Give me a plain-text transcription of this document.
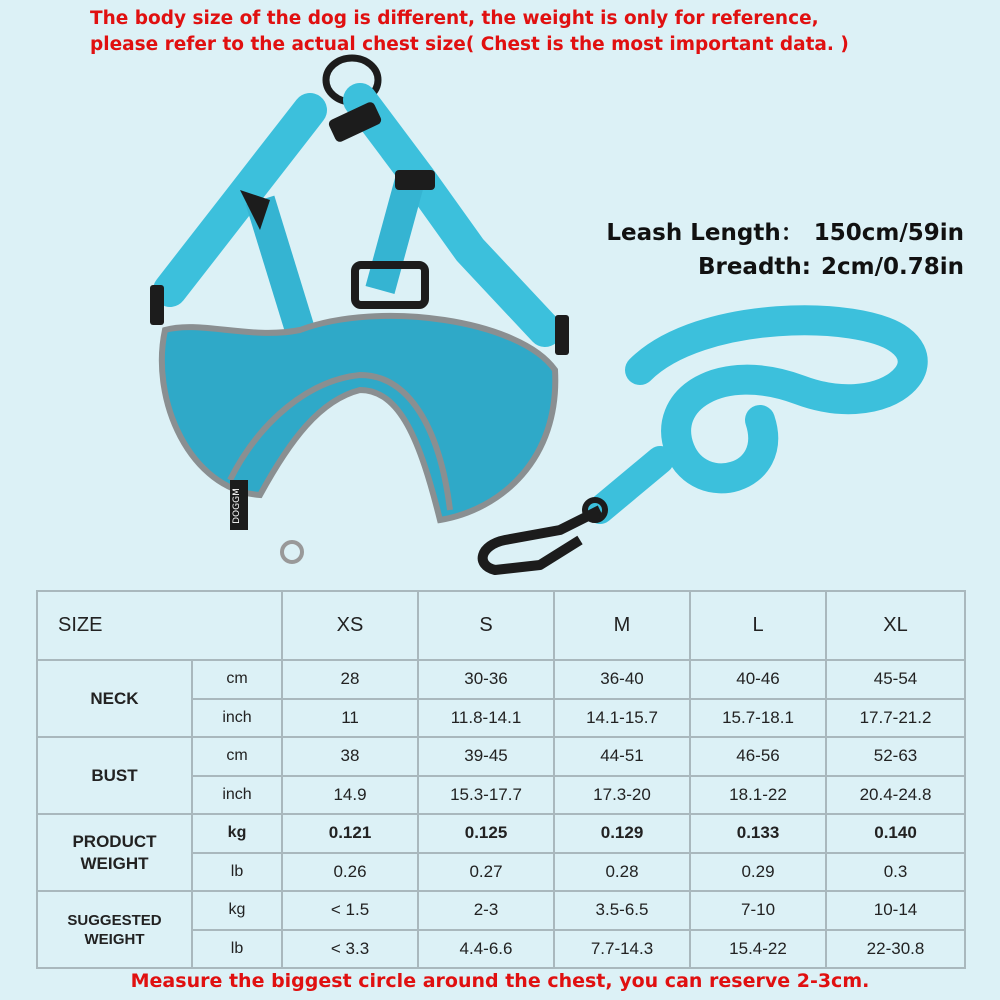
The body size of the dog is different, the weight is only for reference,
please refer to the actual chest size( Chest is the most important data. )
DOGGM
Leash Length： 150cm/59in
Breadth: 2cm/0.78in
SIZE		XS	S	M	L	XL
NECK	cm	28	30-36	36-40	40-46	45-54
	inch	11	11.8-14.1	14.1-15.7	15.7-18.1	17.7-21.2
BUST	cm	38	39-45	44-51	46-56	52-63
	inch	14.9	15.3-17.7	17.3-20	18.1-22	20.4-24.8
PRODUCT WEIGHT	kg	0.121	0.125	0.129	0.133	0.140
	lb	0.26	0.27	0.28	0.29	0.3
SUGGESTED WEIGHT	kg	< 1.5	2-3	3.5-6.5	7-10	10-14
	lb	< 3.3	4.4-6.6	7.7-14.3	15.4-22	22-30.8
Measure the biggest circle around the chest, you can reserve 2-3cm.
